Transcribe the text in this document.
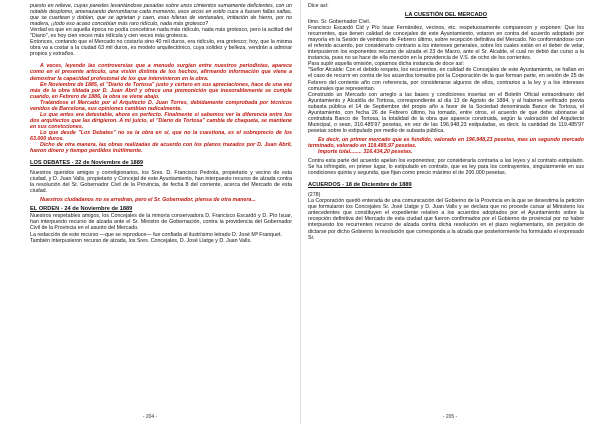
puesto en relieve, cuyas paredes levantándose pesadas sobre unos cimientos sumamente deficientes, con un notable desplomo, amenazando derrumbarse cada momento, esos arcos en estilo cuca a fuesen fallas saltas, que se cuartean y doblan, que se agrietan y caen, esas hileras de ventanales, imitación de hierro, por no madera, ¡¡todo eso acaso concebían más raro ridículo, nada más grotesco?

Verdad es que en aquella época no podía concebirse nada más ridículo, nada más grotesco, pero la actitud del "Diario", es hoy cien veces más ridícula y cien veces más grotesca.

Entonces, contando que el Mercado no costaría sino 40 mil duros, era ridículo, era grotesco; hoy, que la misma obra va a costar a la ciudad 63 mil duros, es modelo arquitectónico, cuya solidez y belleza, vendrán a admirar propios y extraños.

A veces, leyendo las controversias que a menudo surgían entre nuestros periodistas, aparece como en el presente artículo, una visión distinta de los hechos, afirmando información que viene a demostrar la capacidad profesional de los que intervinieron en la obra.

En Noviembre de 1885, el "Diario de Tortosa" justo y certero en sus apreciaciones, hace de una vez más de la obra tildada por D. Juan Abril y ofrece una premonición que inexorablemente se cumple cuando, en Febrero de 1886, la obra se viene abajo.

Tratándose el Mercado por el Arquitecto D. Juan Torres, debidamente comprobada por técnicos venidos de Barcelona, sus opiniones cambian radicalmente.

Lo que antes era detestable, ahora es perfecto. Finalmente sí sabemos ver la diferencia entre los dos arquitectos que las dirigieron. A mi juicio, el "Diario de Tortosa" cambia de chaqueta, se mantiene en sus convicciones.

Lo que desde "Los Debates" no se la obra en sí, que no la cuestiona, es el sobreprecio de los 63.000 duros.

Dicho de otra manera, las obras realizadas de acuerdo con los planos trazados por D. Juan Abril, fueron dinero y tiempo perdidos inútilmente.

LOS DEBATES - 22 de Noviembre de 1889

Nuestros queridos amigos y correligionarios, los Sres. D. Francisco Pedrola, propietario y vecino de esta ciudad, y D. Juan Valls, propietario y Concejal de este Ayuntamiento, han interpuesto recurso de alzada contra la resolución del Sr. Gobernador Civil de la Provincia, de fecha 8 del corriente, acerca del Mercado de esta ciudad.

Nuestros ciudadanos no se arredran, pero el Sr. Gobernador, piensa de otra manera...

EL ORDEN - 24 de Noviembre de 1889

Nuestros respetables amigos, los Concejales de la minoría conservadora D. Francisco Escardó y D. Pío Isuar, han interpuesto recurso de alzada ante el Sr. Ministro de Gobernación, contra la providencia del Gobernador Civil de la Provincia en el asunto del Mercado.

La redacción de este recurso —que se reproduce— fue confiada al ilustrísimo letrado D. José Mª Franquet.

También interpusieron recurso de alzada, los Sres. Concejales, D. José Llatge y D. Juan Valls.

- 204 -

Dice así:

LA CUESTIÓN DEL MERCADO

Ilmo. Sr. Gobernador Civil.

Francisco Escardó Cid y Pío Isuar Fernández, vecinos, etc. respetuosamente comparecen y exponen: Que los recurrentes, que tienen calidad de concejales de este Ayuntamiento, votaron en contra del acuerdo adoptado por mayoría en la Sesión de veintiuno de Febrero último, sobre recepción definitiva del Mercado. No conformándose con el referido acuerdo, por considerarlo contrario a los intereses generales, sobre los cuales están en el deber de velar, interpusieron los exponentes recurso de alzada el 23 de Marzo, ante el Sr. Alcalde, el cual no debió dar curso a la instancia, pues no se hace de ella mención en la providencia de V.S. de ocho de los corrientes.

Para suplir aquella omisión, copiamos dicha instancia de doce así:

"Señor Alcalde: Con el debido respeto, los recurrentes, en calidad de Concejales de este Ayuntamiento, se hallan en el caso de recurrir en contra de los acuerdos tomados por la Corporación de la que forman parte, en sesión de 25 de Febrero del corriente año con referencia, por considerarse algunos de ellos, contrarios a la ley y a los intereses comunales que representan.

Construido un Mercado con arreglo a las bases y condiciones insertas en el Boletín Oficial extraordinario del Ayuntamiento y Alcaldía de Tortosa, correspondiente al día 13 de Agosto de 1884, y al haberse verificado previa subasta pública el 14 de Septiembre del propio año a favor de la Sociedad denominada Banco de Tortosa, el Ayuntamiento, con fecha 26 de Febrero último, ha tomado, entre otros, el acuerdo de que debe abonarse al contratista Banco de Tortosa, la totalidad de la obra que aparece construida, según la valoración del Arquitecto Municipal, o sean, 316.485'97 pesetas, en vez de las 196.948,23 estipuladas, es decir, la cantidad de 119.485'97 pesetas sobre lo estipulado por medio de subasta pública.

Es decir, un primer mercado que es fundido, valorado en 196.948,23 pesetas, mas un segundo mercado terminado, valorado en 119.485,97 pesetas.

Importe total........ 316.434,20 pesetas.

Contra esta parte del acuerdo apelan los exponentes; por considerarla contraria a las leyes y al contrato estipulado. Se ha infringido, en primer lugar, lo estipulado en contrato, que es ley para los contrayentes, singularmente en sus condiciones quinta y segunda, que fijan como precio máximo el de 200.000 pesetas.

ACUERDOS - 18 de Diciembre de 1889

(278)

La Corporación quedó enterada de una comunicación del Gobierno de la Provincia en la que se desestima la petición que formularon los Concejales Sr. José Llatge y D. Juan Valls y se declara que no procede cursar al Ministerio los antecedentes que constituyen el expediente relativo a los acuerdos adoptados por el Ayuntamiento sobre la recepción definitiva del Mercado de esta ciudad que fueron confirmados por el Gobierno de provincial por no haber interpuesto los recurrentes recurso de alzada contra dicha resolución en el plazo reglamentario, sin perjuicio de dictarse por dicho Gobierno la resolución que corresponda a la alzada que posteriormente ha formulado el expresado Sr.

- 205 -
